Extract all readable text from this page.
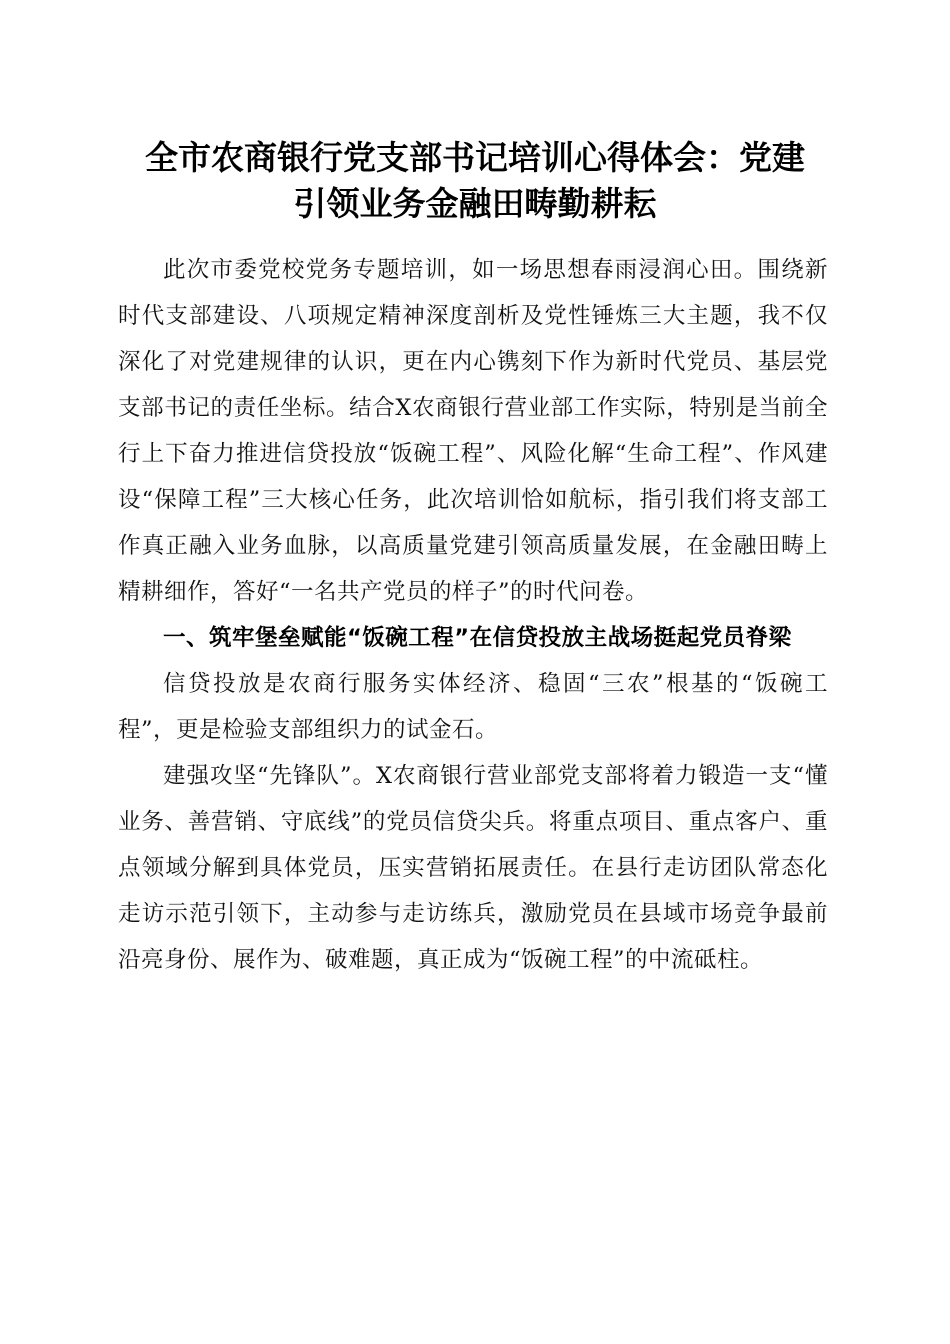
全市农商银行党支部书记培训心得体会：党建
引领业务金融田畴勤耕耘

此次市委党校党务专题培训，如一场思想春雨浸润心田。围绕新时代支部建设、八项规定精神深度剖析及党性锤炼三大主题，我不仅深化了对党建规律的认识，更在内心镌刻下作为新时代党员、基层党支部书记的责任坐标。结合X农商银行营业部工作实际，特别是当前全行上下奋力推进信贷投放“饭碗工程”、风险化解“生命工程”、作风建设“保障工程”三大核心任务，此次培训恰如航标，指引我们将支部工作真正融入业务血脉，以高质量党建引领高质量发展，在金融田畴上精耕细作，答好“一名共产党员的样子”的时代问卷。

一、筑牢堡垒赋能“饭碗工程”在信贷投放主战场挺起党员脊梁

信贷投放是农商行服务实体经济、稳固“三农”根基的“饭碗工程”，更是检验支部组织力的试金石。

建强攻坚“先锋队”。X农商银行营业部党支部将着力锻造一支“懂业务、善营销、守底线”的党员信贷尖兵。将重点项目、重点客户、重点领域分解到具体党员，压实营销拓展责任。在县行走访团队常态化走访示范引领下，主动参与走访练兵，激励党员在县域市场竞争最前沿亮身份、展作为、破难题，真正成为“饭碗工程”的中流砥柱。
